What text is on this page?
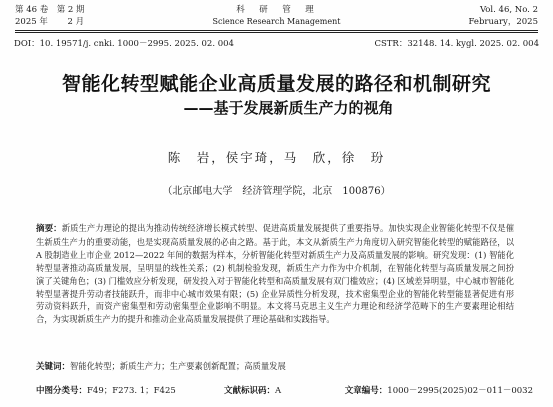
第 46 卷　第 2 期
2025 年　　 2 月
科　研　管　理
Science Research Management
Vol. 46, No. 2
February，2025
DOI：10. 19571/j. cnki. 1000－2995. 2025. 02. 004	CSTR：32148. 14. kygl. 2025. 02. 004
智能化转型赋能企业高质量发展的路径和机制研究
——基于发展新质生产力的视角
陈　岩，侯宇琦，马　欣，徐　玢
（北京邮电大学　经济管理学院，北京　100876）
摘要：新质生产力理论的提出为推动传统经济增长模式转型、促进高质量发展提供了重要指导。加快实现企业智能化转型不仅是催生新质生产力的重要动能，也是实现高质量发展的必由之路。基于此，本文从新质生产力角度切入研究智能化转型的赋能路径，以 A 股制造业上市企业 2012—2022 年间的数据为样本，分析智能化转型对新质生产力及高质量发展的影响。研究发现：(1) 智能化转型显著推动高质量发展，呈明显的线性关系；(2) 机制检验发现，新质生产力作为中介机制，在智能化转型与高质量发展之间扮演了关键角色；(3) 门槛效应分析发现，研发投入对于智能化转型和高质量发展有双门槛效应；(4) 区域差异明显，中心城市智能化转型显著提升劳动者技能跃升，而非中心城市效果有限；(5) 企业异质性分析发现，技术密集型企业的智能化转型能显著促进有形劳动资料跃升，而资产密集型和劳动密集型企业影响不明显。本文将马克思主义生产力理论和经济学范畴下的生产要素理论相结合，为实现新质生产力的提升和推动企业高质量发展提供了理论基础和实践指导。
关键词：智能化转型；新质生产力；生产要素创新配置；高质量发展
中图分类号：F49；F273. 1；F425	文献标识码：A	文章编号：1000－2995(2025)02－011－0032
